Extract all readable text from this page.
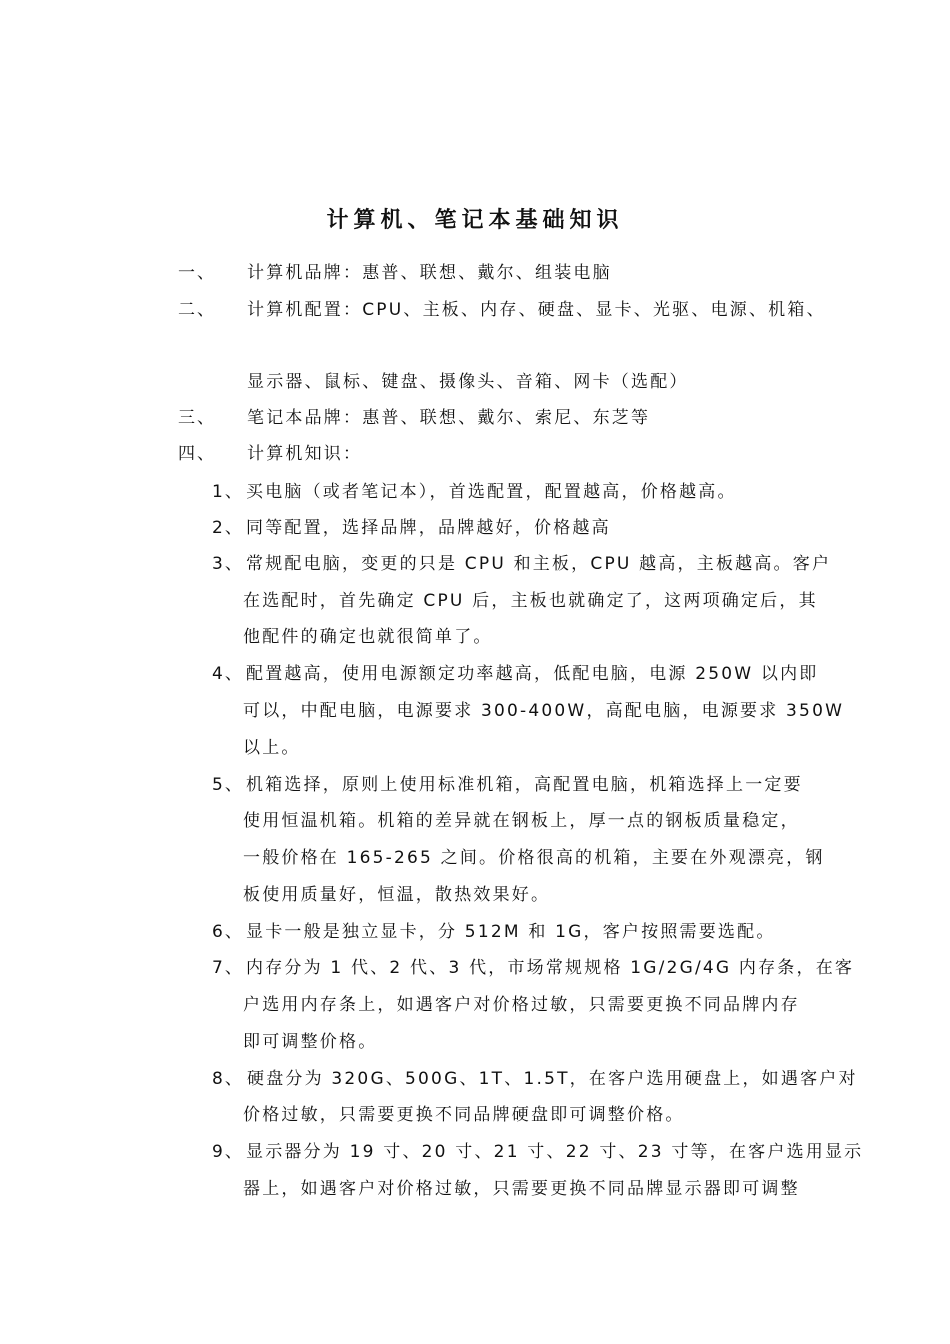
计算机、笔记本基础知识
一、 计算机品牌：惠普、联想、戴尔、组装电脑
二、 计算机配置：CPU、主板、内存、硬盘、显卡、光驱、电源、机箱、
显示器、鼠标、键盘、摄像头、音箱、网卡（选配）
三、 笔记本品牌：惠普、联想、戴尔、索尼、东芝等
四、 计算机知识：
1、 买电脑（或者笔记本），首选配置，配置越高，价格越高。
2、 同等配置，选择品牌，品牌越好，价格越高
3、 常规配电脑，变更的只是 CPU 和主板，CPU 越高，主板越高。客户
在选配时，首先确定 CPU 后，主板也就确定了，这两项确定后，其
他配件的确定也就很简单了。
4、 配置越高，使用电源额定功率越高，低配电脑，电源 250W 以内即
可以，中配电脑，电源要求 300-400W，高配电脑，电源要求 350W
以上。
5、 机箱选择，原则上使用标准机箱，高配置电脑，机箱选择上一定要
使用恒温机箱。机箱的差异就在钢板上，厚一点的钢板质量稳定，
一般价格在 165-265 之间。价格很高的机箱，主要在外观漂亮，钢
板使用质量好，恒温，散热效果好。
6、 显卡一般是独立显卡，分 512M 和 1G，客户按照需要选配。
7、 内存分为 1 代、2 代、3 代，市场常规规格 1G/2G/4G 内存条，在客
户选用内存条上，如遇客户对价格过敏，只需要更换不同品牌内存
即可调整价格。
8、 硬盘分为 320G、500G、1T、1.5T，在客户选用硬盘上，如遇客户对
价格过敏，只需要更换不同品牌硬盘即可调整价格。
9、 显示器分为 19 寸、20 寸、21 寸、22 寸、23 寸等，在客户选用显示
器上，如遇客户对价格过敏，只需要更换不同品牌显示器即可调整
